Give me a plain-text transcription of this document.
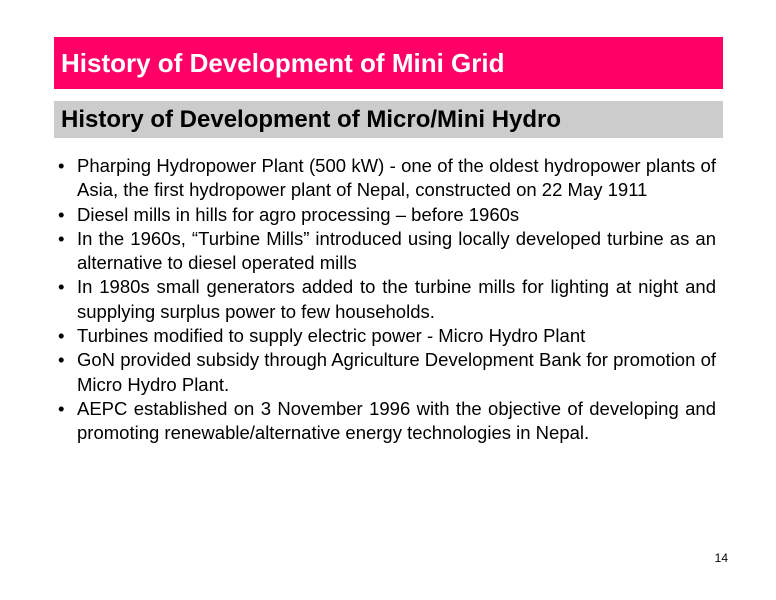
History of Development of Mini Grid
History of Development of Micro/Mini Hydro
• Pharping Hydropower Plant (500 kW) - one of the oldest hydropower plants of Asia, the first hydropower plant of Nepal, constructed on 22 May 1911
• Diesel mills in hills for agro processing – before 1960s
• In the 1960s, “Turbine Mills” introduced using locally developed turbine as an alternative to diesel operated mills
• In 1980s small generators added to the turbine mills for lighting at night and supplying surplus power to few households.
• Turbines modified to supply electric power - Micro Hydro Plant
• GoN provided subsidy through Agriculture Development Bank for promotion of Micro Hydro Plant.
• AEPC established on 3 November 1996 with the objective of developing and promoting renewable/alternative energy technologies in Nepal.
14
